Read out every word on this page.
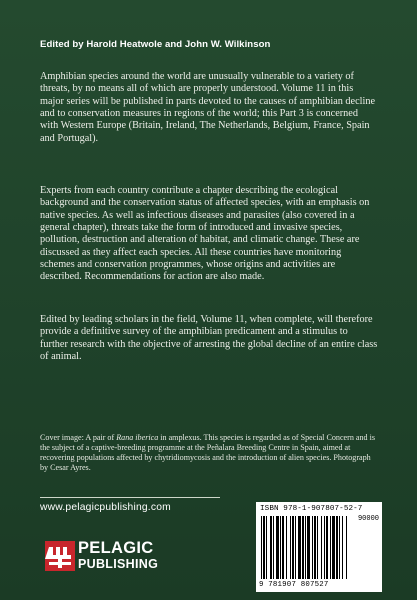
Edited by Harold Heatwole and John W. Wilkinson
Amphibian species around the world are unusually vulnerable to a variety of threats, by no means all of which are properly understood. Volume 11 in this major series will be published in parts devoted to the causes of amphibian decline and to conservation measures in regions of the world; this Part 3 is concerned with Western Europe (Britain, Ireland, The Netherlands, Belgium, France, Spain and Portugal).
Experts from each country contribute a chapter describing the ecological background and the conservation status of affected species, with an emphasis on native species. As well as infectious diseases and parasites (also covered in a general chapter), threats take the form of introduced and invasive species, pollution, destruction and alteration of habitat, and climatic change. These are discussed as they affect each species. All these countries have monitoring schemes and conservation programmes, whose origins and activities are described. Recommendations for action are also made.
Edited by leading scholars in the field, Volume 11, when complete, will therefore provide a definitive survey of the amphibian predicament and a stimulus to further research with the objective of arresting the global decline of an entire class of animal.
Cover image: A pair of Rana iberica in amplexus. This species is regarded as of Special Concern and is the subject of a captive-breeding programme at the Peñalara Breeding Centre in Spain, aimed at recovering populations affected by chytridiomycosis and the introduction of alien species. Photograph by Cesar Ayres.
www.pelagicpublishing.com
PELAGIC
PUBLISHING
ISBN 978-1-907807-52-7
90000
9 781907 807527
